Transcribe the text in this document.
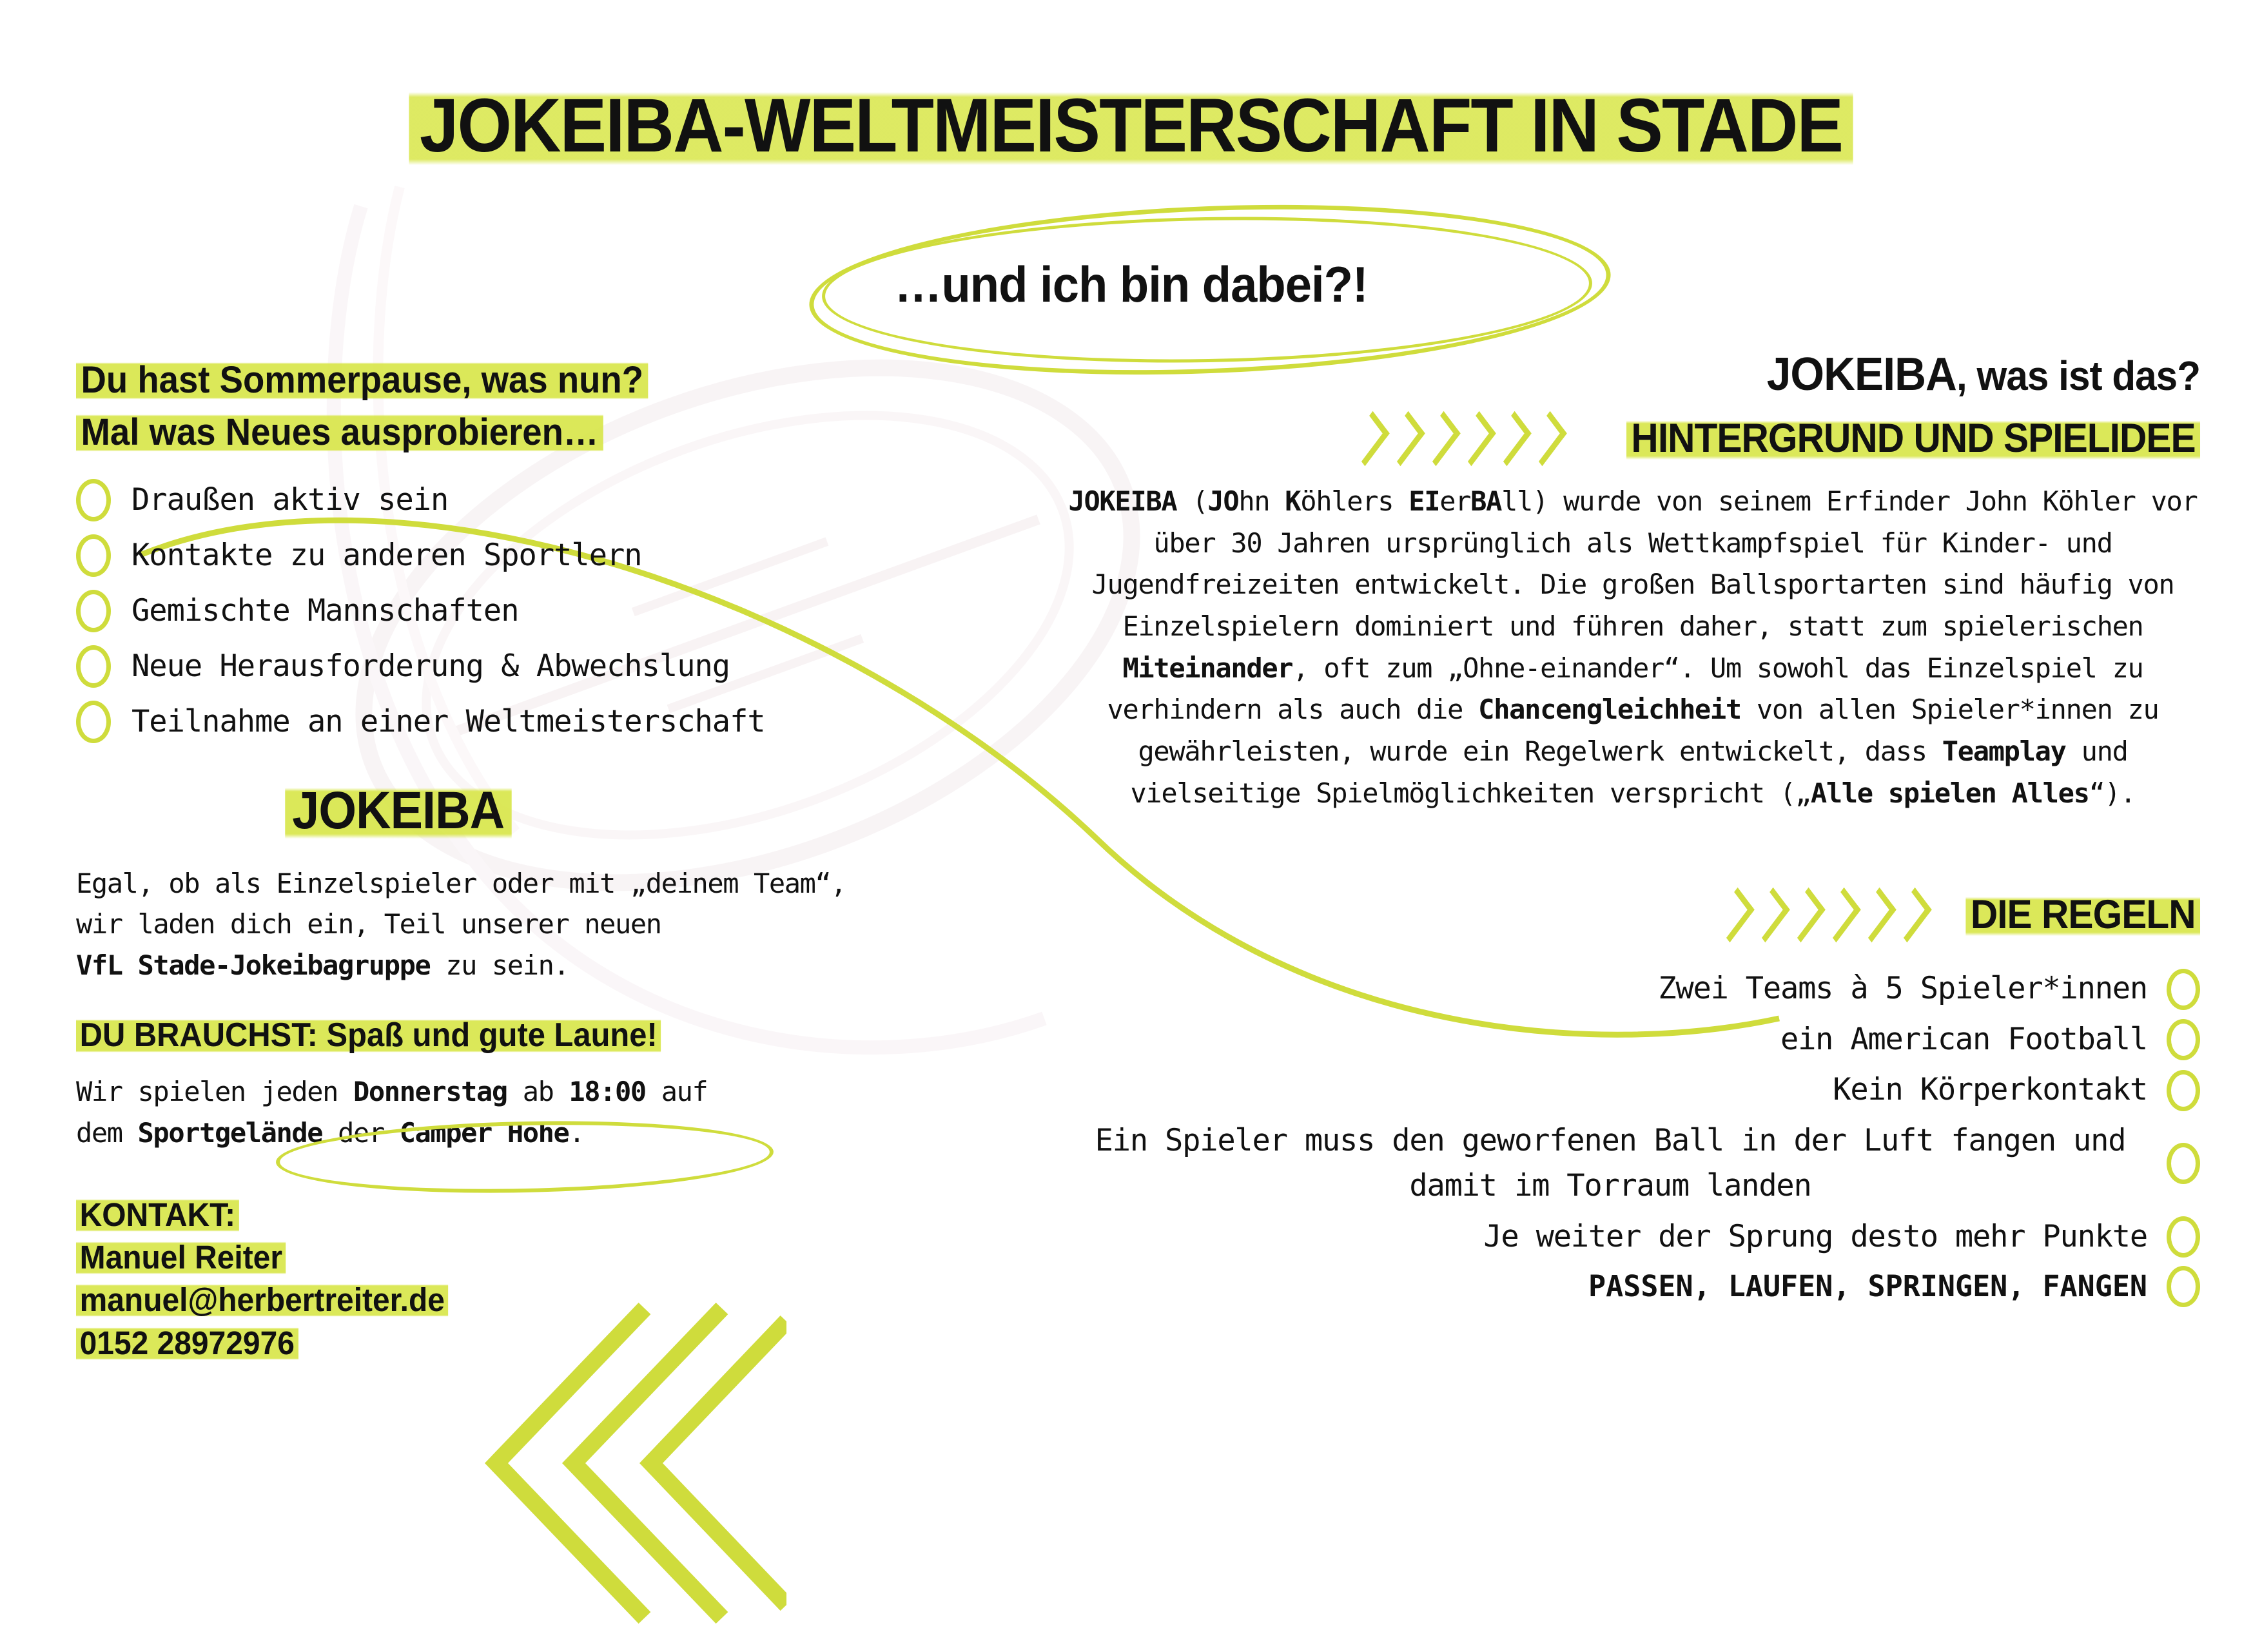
JOKEIBA-WELTMEISTERSCHAFT IN STADE
…und ich bin dabei?!
Du hast Sommerpause, was nun?
Mal was Neues ausprobieren…
Draußen aktiv sein
Kontakte zu anderen Sportlern
Gemischte Mannschaften
Neue Herausforderung & Abwechslung
Teilnahme an einer Weltmeisterschaft
JOKEIBA
Egal, ob als Einzelspieler oder mit „deinem Team“,
wir laden dich ein, Teil unserer neuen
VfL Stade-Jokeibagruppe zu sein.
DU BRAUCHST: Spaß und gute Laune!
Wir spielen jeden Donnerstag ab 18:00 auf
dem Sportgelände der Camper Höhe.
KONTAKT:
Manuel Reiter
manuel@herbertreiter.de
0152 28972976
JOKEIBA, was ist das?
HINTERGRUND UND SPIELIDEE
JOKEIBA (JOhn Köhlers EIerBAll) wurde von seinem Erfinder John Köhler vor über 30 Jahren ursprünglich als Wettkampfspiel für Kinder- und Jugendfreizeiten entwickelt. Die großen Ballsportarten sind häufig von Einzelspielern dominiert und führen daher, statt zum spielerischen Miteinander, oft zum „Ohne-einander“. Um sowohl das Einzelspiel zu verhindern als auch die Chancengleichheit von allen Spieler*innen zu gewährleisten, wurde ein Regelwerk entwickelt, dass Teamplay und vielseitige Spielmöglichkeiten verspricht („Alle spielen Alles“).
DIE REGELN
Zwei Teams à 5 Spieler*innen
ein American Football
Kein Körperkontakt
Ein Spieler muss den geworfenen Ball in der Luft fangen und damit im Torraum landen
Je weiter der Sprung desto mehr Punkte
PASSEN, LAUFEN, SPRINGEN, FANGEN
